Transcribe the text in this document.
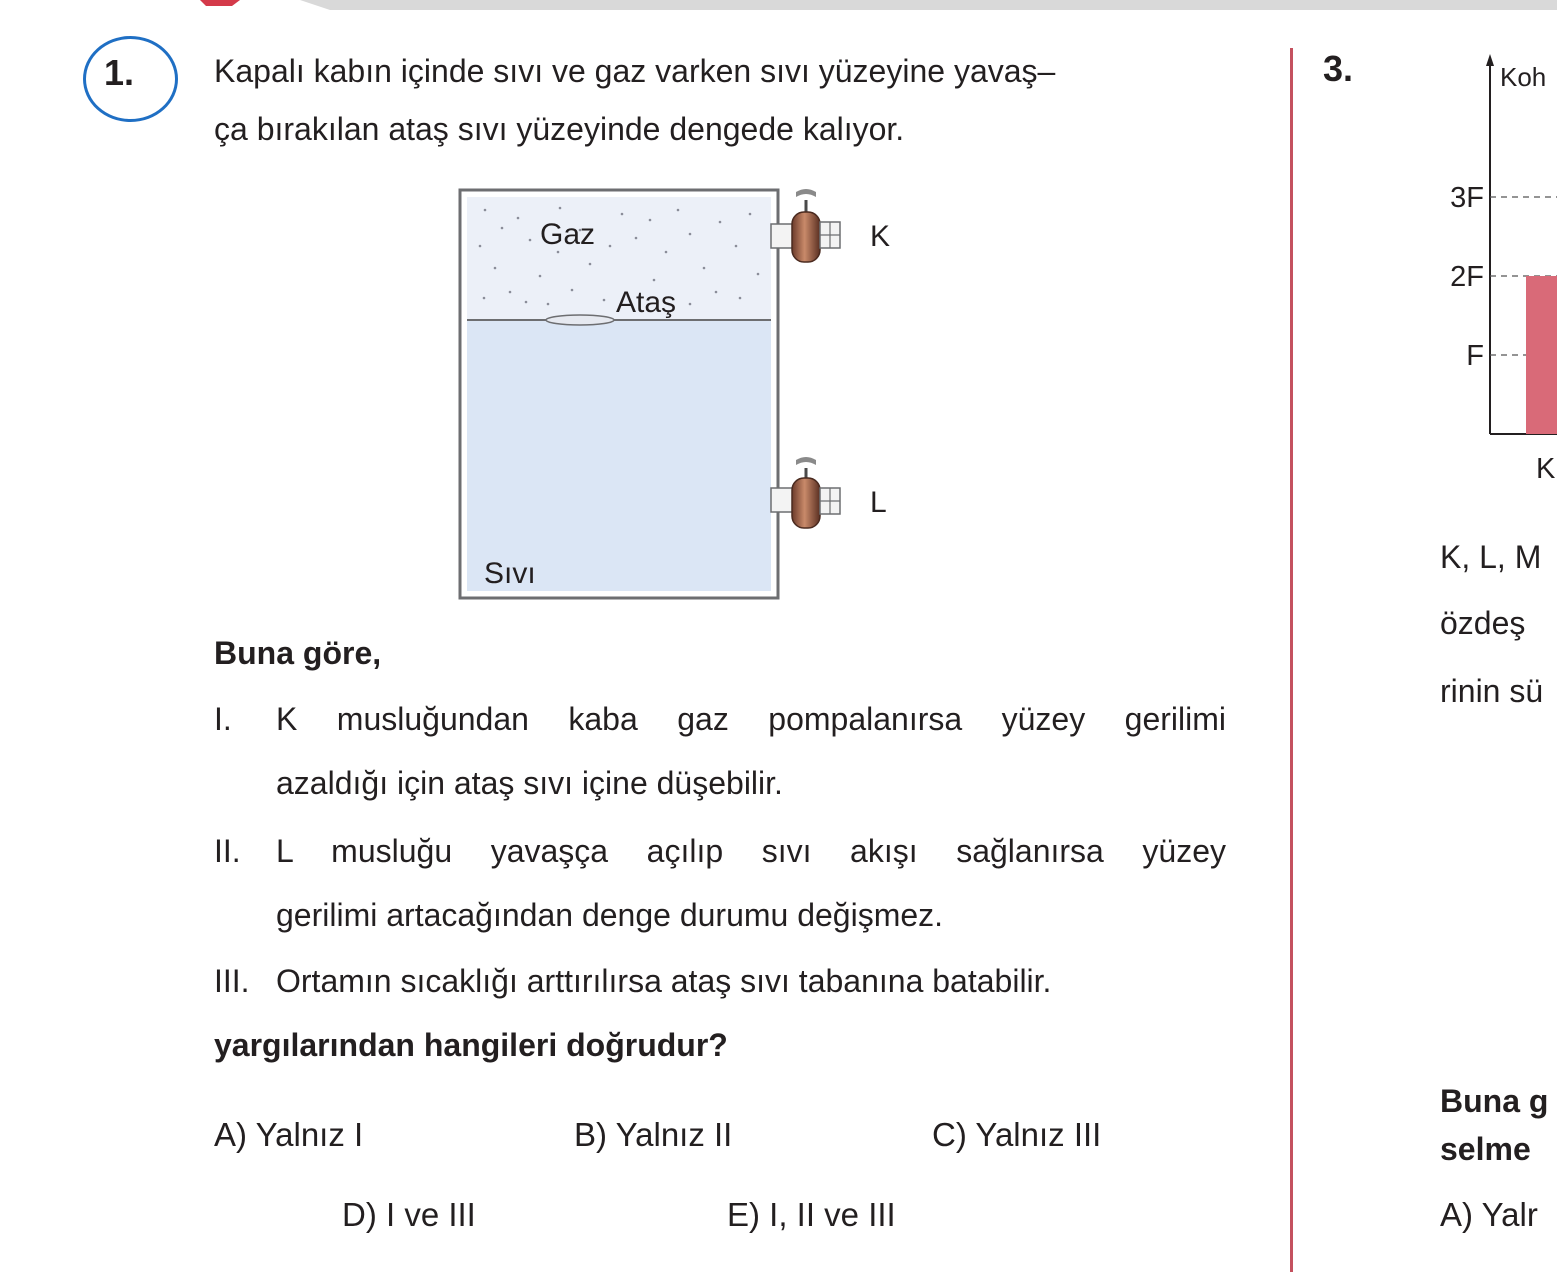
1. Kapalı kabın içinde sıvı ve gaz varken sıvı yüzeyine yavaş–
ça bırakılan ataş sıvı yüzeyinde dengede kalıyor.
Gaz
Ataş
Sıvı
K
L
Buna göre,
I. K musluğundan kaba gaz pompalanırsa yüzey gerilimi
azaldığı için ataş sıvı içine düşebilir.
II. L musluğu yavaşça açılıp sıvı akışı sağlanırsa yüzey
gerilimi artacağından denge durumu değişmez.
III. Ortamın sıcaklığı arttırılırsa ataş sıvı tabanına batabilir.
yargılarından hangileri doğrudur?
A) Yalnız I	B) Yalnız II	C) Yalnız III
D) I ve III	E) I, II ve III
3.	Koh
F
2F
3F
K
K, L, M
özdeş
rinin sü
Buna g
selme
A) Yalr
